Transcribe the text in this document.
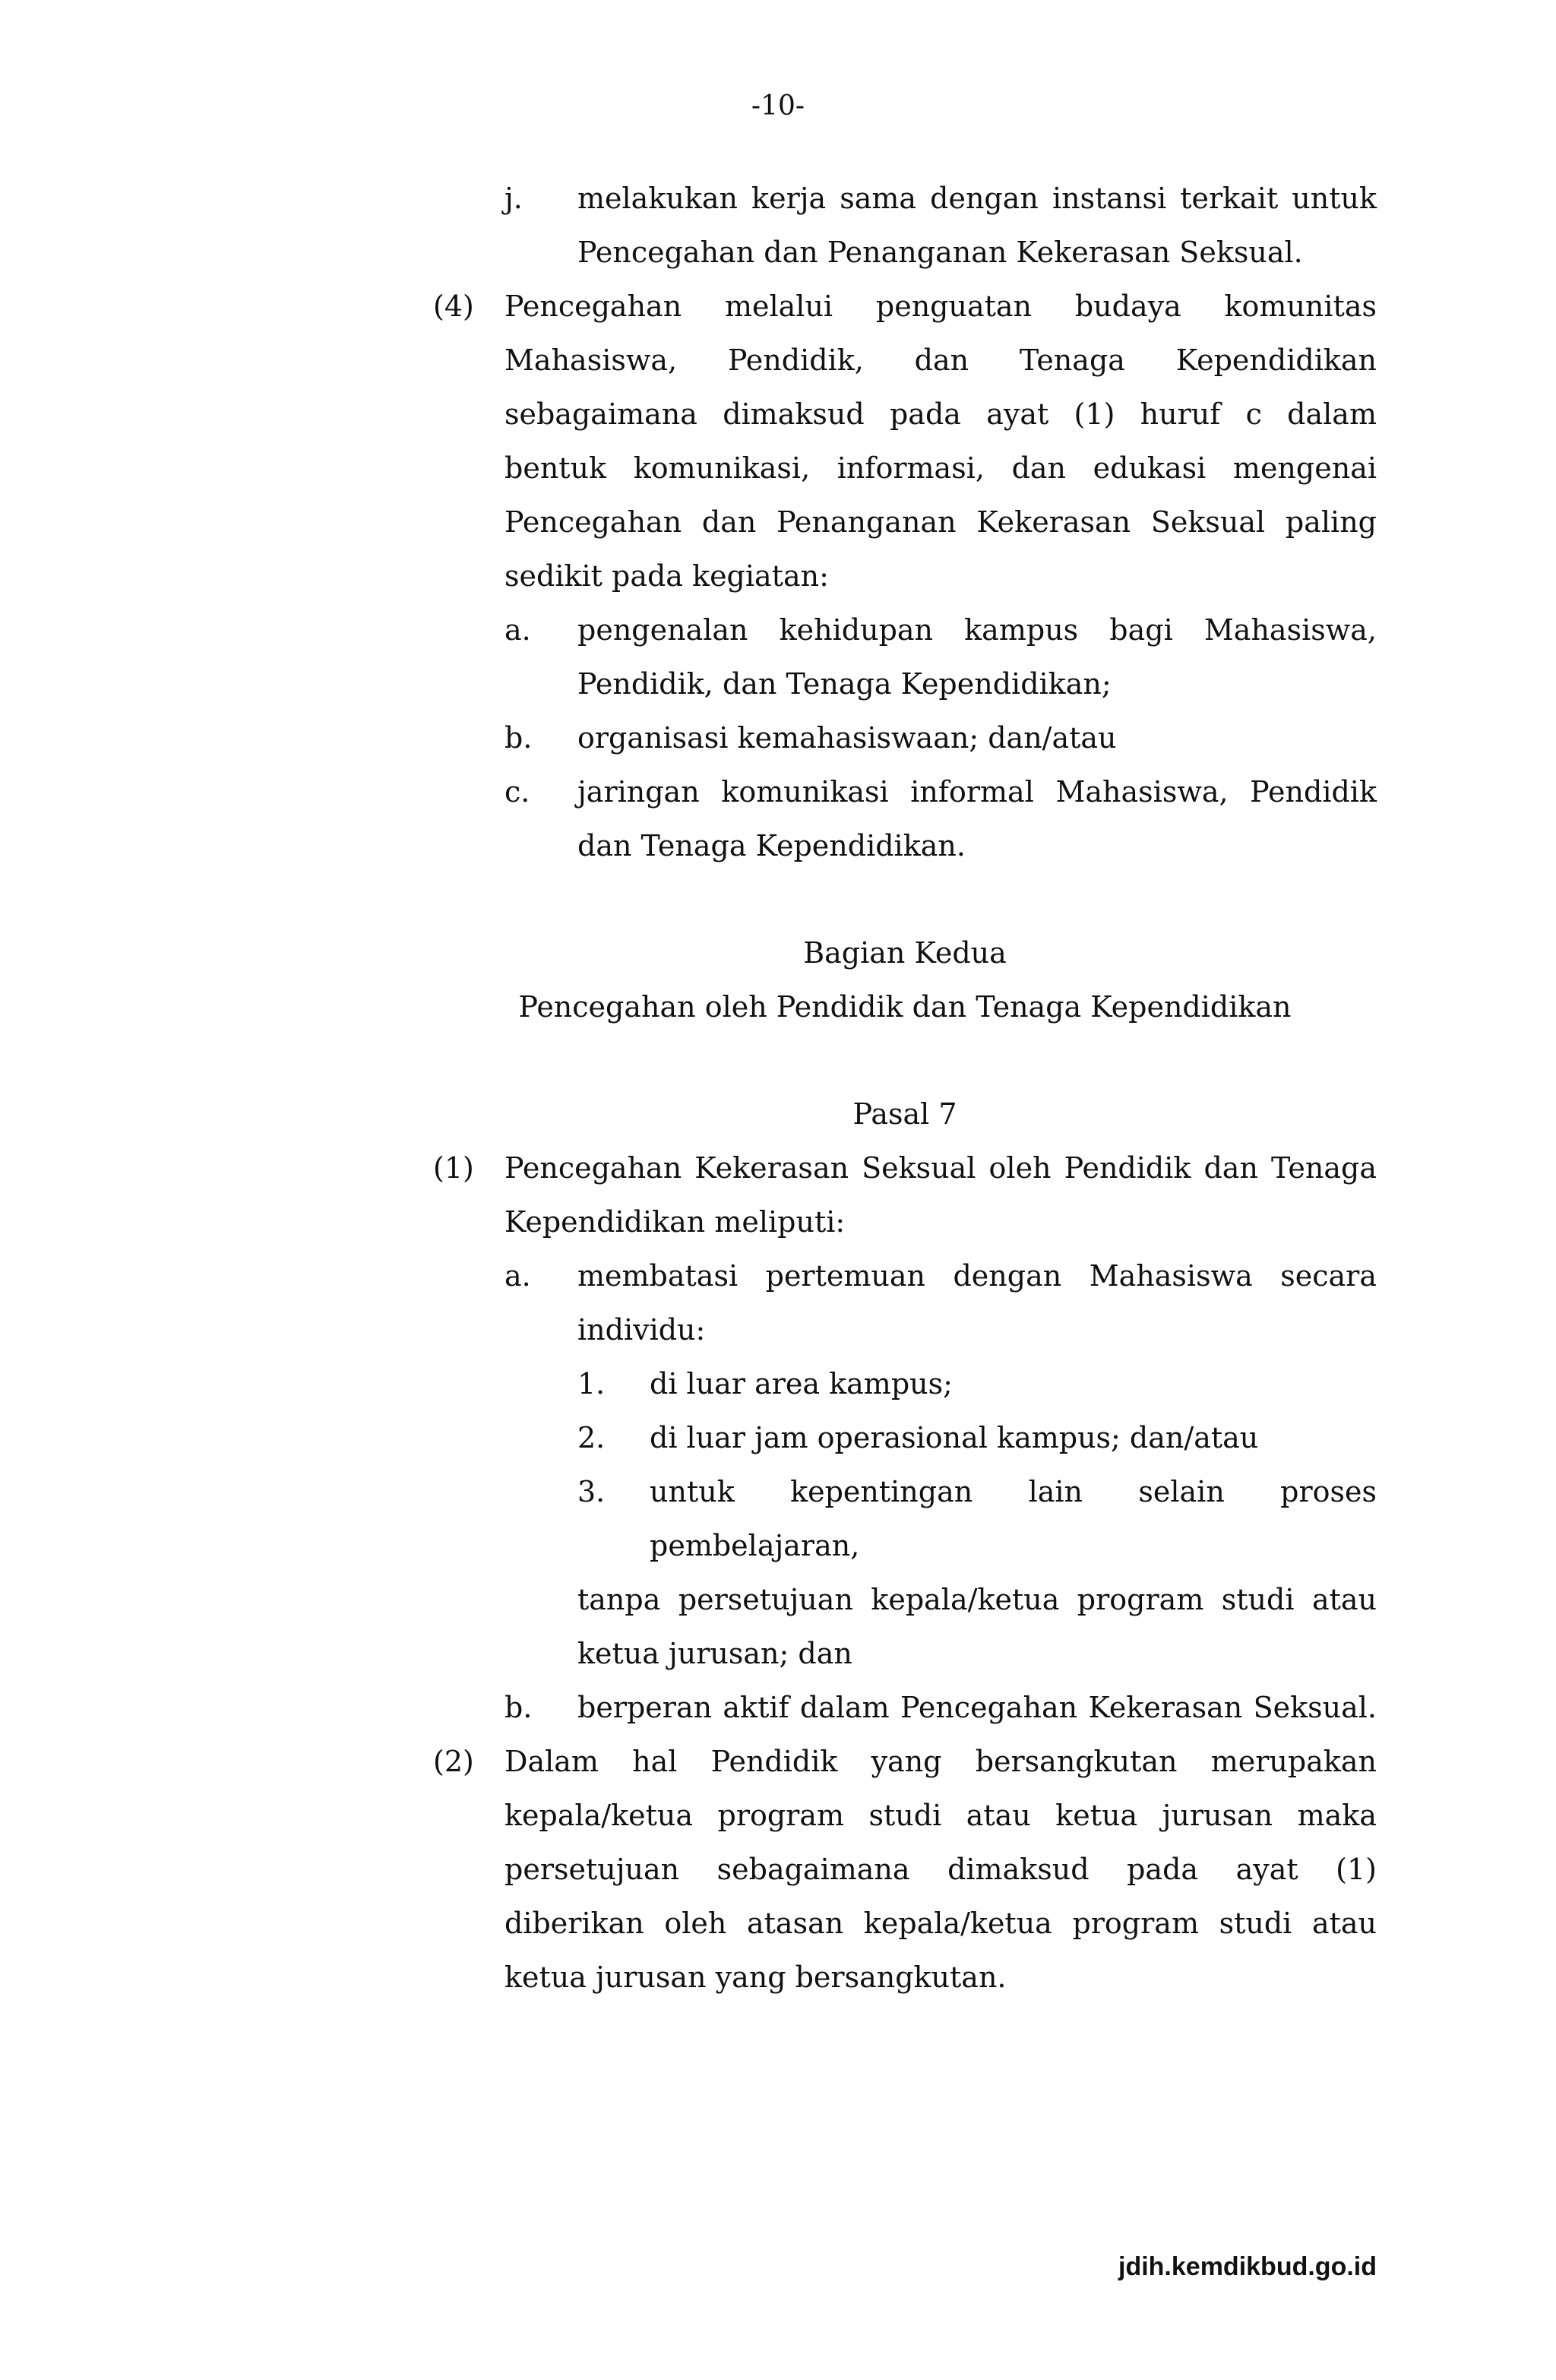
-10-
j. melakukan kerja sama dengan instansi terkait untuk
Pencegahan dan Penanganan Kekerasan Seksual.
(4) Pencegahan melalui penguatan budaya komunitas
Mahasiswa, Pendidik, dan Tenaga Kependidikan
sebagaimana dimaksud pada ayat (1) huruf c dalam
bentuk komunikasi, informasi, dan edukasi mengenai
Pencegahan dan Penanganan Kekerasan Seksual paling
sedikit pada kegiatan:
a. pengenalan kehidupan kampus bagi Mahasiswa,
Pendidik, dan Tenaga Kependidikan;
b. organisasi kemahasiswaan; dan/atau
c. jaringan komunikasi informal Mahasiswa, Pendidik
dan Tenaga Kependidikan.
Bagian Kedua
Pencegahan oleh Pendidik dan Tenaga Kependidikan
Pasal 7
(1) Pencegahan Kekerasan Seksual oleh Pendidik dan Tenaga
Kependidikan meliputi:
a. membatasi pertemuan dengan Mahasiswa secara
individu:
1. di luar area kampus;
2. di luar jam operasional kampus; dan/atau
3. untuk kepentingan lain selain proses
pembelajaran,
tanpa persetujuan kepala/ketua program studi atau
ketua jurusan; dan
b. berperan aktif dalam Pencegahan Kekerasan Seksual.
(2) Dalam hal Pendidik yang bersangkutan merupakan
kepala/ketua program studi atau ketua jurusan maka
persetujuan sebagaimana dimaksud pada ayat (1)
diberikan oleh atasan kepala/ketua program studi atau
ketua jurusan yang bersangkutan.
jdih.kemdikbud.go.id
